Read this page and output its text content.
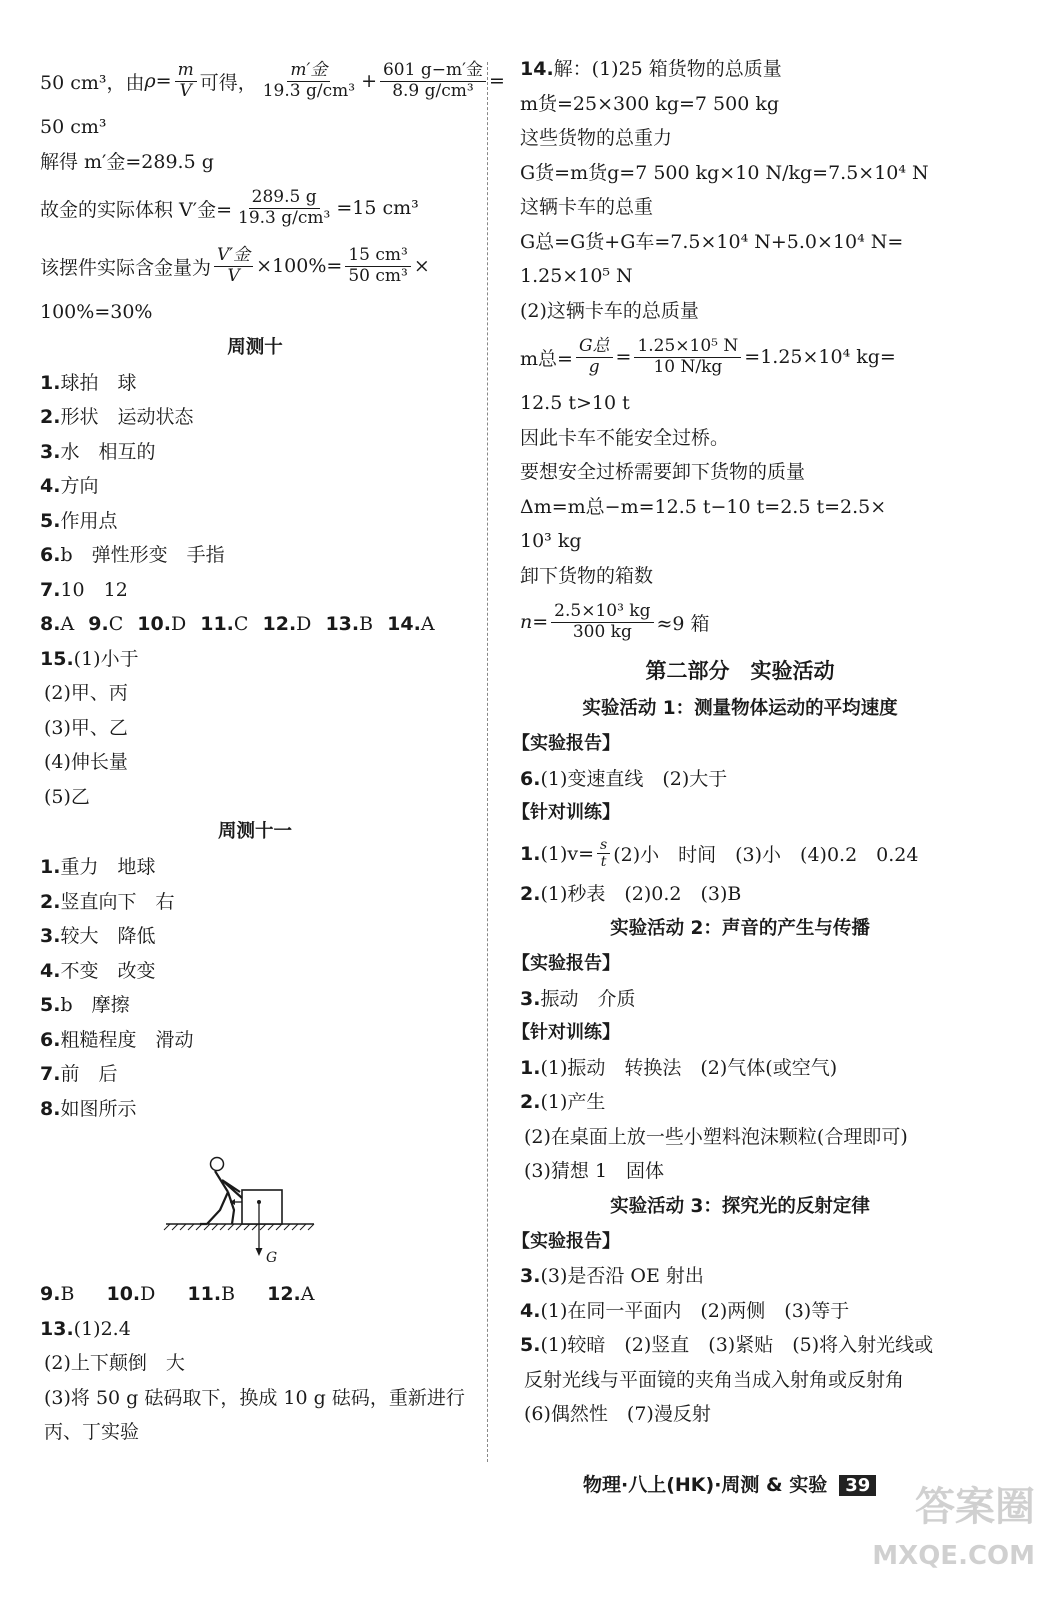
50 cm³，由 $\rho= \frac{m}{V}$ 可得， $\frac{\text{m′金}}{\text{19.3 g/cm³}} + \frac{\text{601 g−m′金}}{\text{8.9 g/cm³}}$ =
50 cm³
解得 m′金=289.5 g
故金的实际体积 V′金= $\frac{289.5 g}{\text{19.3 g/cm³}} =15$ cm³
该摆件实际含金量为 $\frac{\text{V′金}}{V} \times 100\%= \frac{\text{15 cm³}}{\text{50 cm³}}$ ×
100%=30%
周测十
1.球拍　球
2.形状　运动状态
3.水　相互的
4.方向
5.作用点
6.b　弹性形变　手指
7.10　12
8.A 9.C 10.D 11.C 12.D 13.B 14.A
15.(1)小于
(2)甲、丙
(3)甲、乙
(4)伸长量
(5)乙
周测十一
1.重力　地球
2.竖直向下　右
3.较大　降低
4.不变　改变
5.b　摩擦
6.粗糙程度　滑动
7.前　后
8.如图所示
G
9.B 10.D 11.B 12.A
13.(1)2.4
(2)上下颠倒　大
(3)将 50 g 砝码取下，换成 10 g 砝码，重新进行
丙、丁实验
14.解：(1)25 箱货物的总质量
m货=25×300 kg=7 500 kg
这些货物的总重力
G货=m货g=7 500 kg×10 N/kg=7.5×10⁴ N
这辆卡车的总重
G总=G货+G车=7.5×10⁴ N+5.0×10⁴ N=
1.25×10⁵ N
(2)这辆卡车的总质量
m总= $\frac{\text{G总}}{g} = \frac{\text{1.25×10⁵ N}}{10 N/kg} =1.25\times 10^4$ kg=
12.5 t>10 t
因此卡车不能安全过桥。
要想安全过桥需要卸下货物的质量
Δm=m总−m=12.5 t−10 t=2.5 t=2.5×
10³ kg
卸下货物的箱数
$n= \frac{\text{2.5×10³ kg}}{300 kg} \approx 9$ 箱
第二部分　实验活动
实验活动 1：测量物体运动的平均速度
【实验报告】
6.(1)变速直线　(2)大于
【针对训练】
1. $(1)v= \frac{s}{t} (2)$小　时间　(3)小　(4)0.2　0.24
2.(1)秒表　(2)0.2　(3)B
实验活动 2：声音的产生与传播
【实验报告】
3.振动　介质
【针对训练】
1.(1)振动　转换法　(2)气体(或空气)
2.(1)产生
(2)在桌面上放一些小塑料泡沫颗粒(合理即可)
(3)猜想 1　固体
实验活动 3：探究光的反射定律
【实验报告】
3.(3)是否沿 OE 射出
4.(1)在同一平面内　(2)两侧　(3)等于
5.(1)较暗　(2)竖直　(3)紧贴　(5)将入射光线或
反射光线与平面镜的夹角当成入射角或反射角
(6)偶然性　(7)漫反射
物理·八上(HK)·周测 & 实验 39	答案圈
MXQE.COM
